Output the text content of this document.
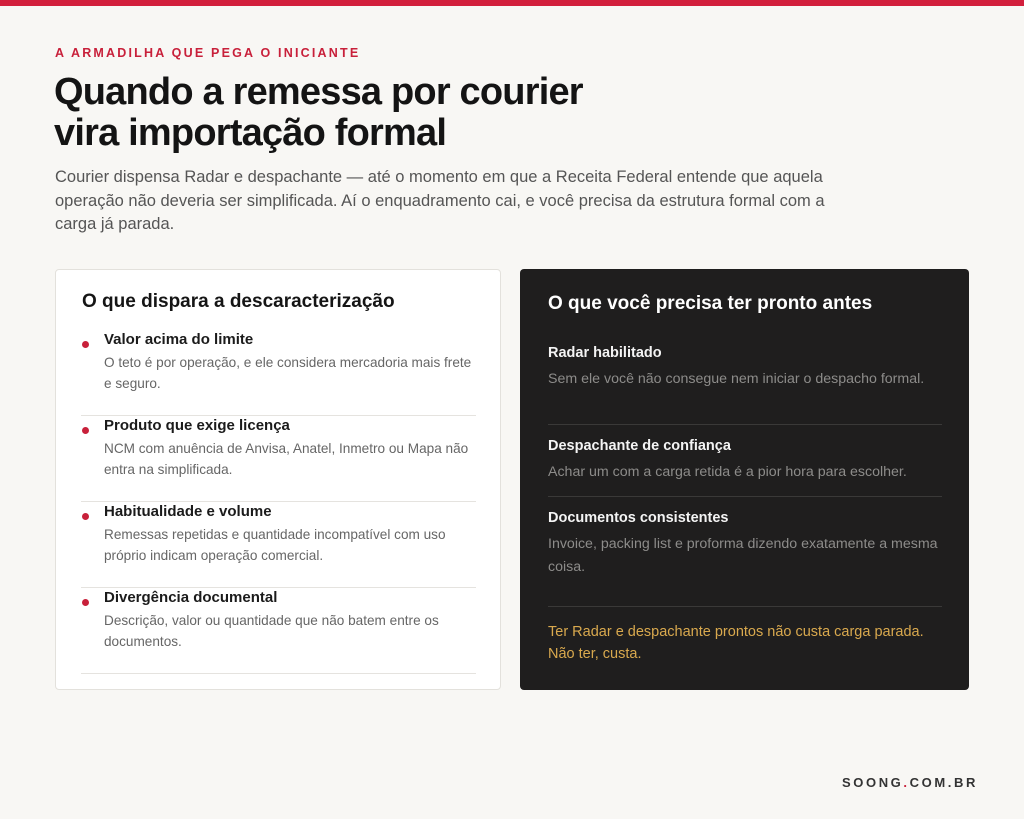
A ARMADILHA QUE PEGA O INICIANTE
Quando a remessa por courier
vira importação formal

Courier dispensa Radar e despachante — até o momento em que a Receita Federal entende que aquela operação não deveria ser simplificada. Aí o enquadramento cai, e você precisa da estrutura formal com a carga já parada.

O que dispara a descaracterização
Valor acima do limite
O teto é por operação, e ele considera mercadoria mais frete e seguro.
Produto que exige licença
NCM com anuência de Anvisa, Anatel, Inmetro ou Mapa não entra na simplificada.
Habitualidade e volume
Remessas repetidas e quantidade incompatível com uso próprio indicam operação comercial.
Divergência documental
Descrição, valor ou quantidade que não batem entre os documentos.
O que você precisa ter pronto antes
Radar habilitado
Sem ele você não consegue nem iniciar o despacho formal.
Despachante de confiança
Achar um com a carga retida é a pior hora para escolher.
Documentos consistentes
Invoice, packing list e proforma dizendo exatamente a mesma coisa.

Ter Radar e despachante prontos não custa carga parada. Não ter, custa.

SOONG.COM.BR
